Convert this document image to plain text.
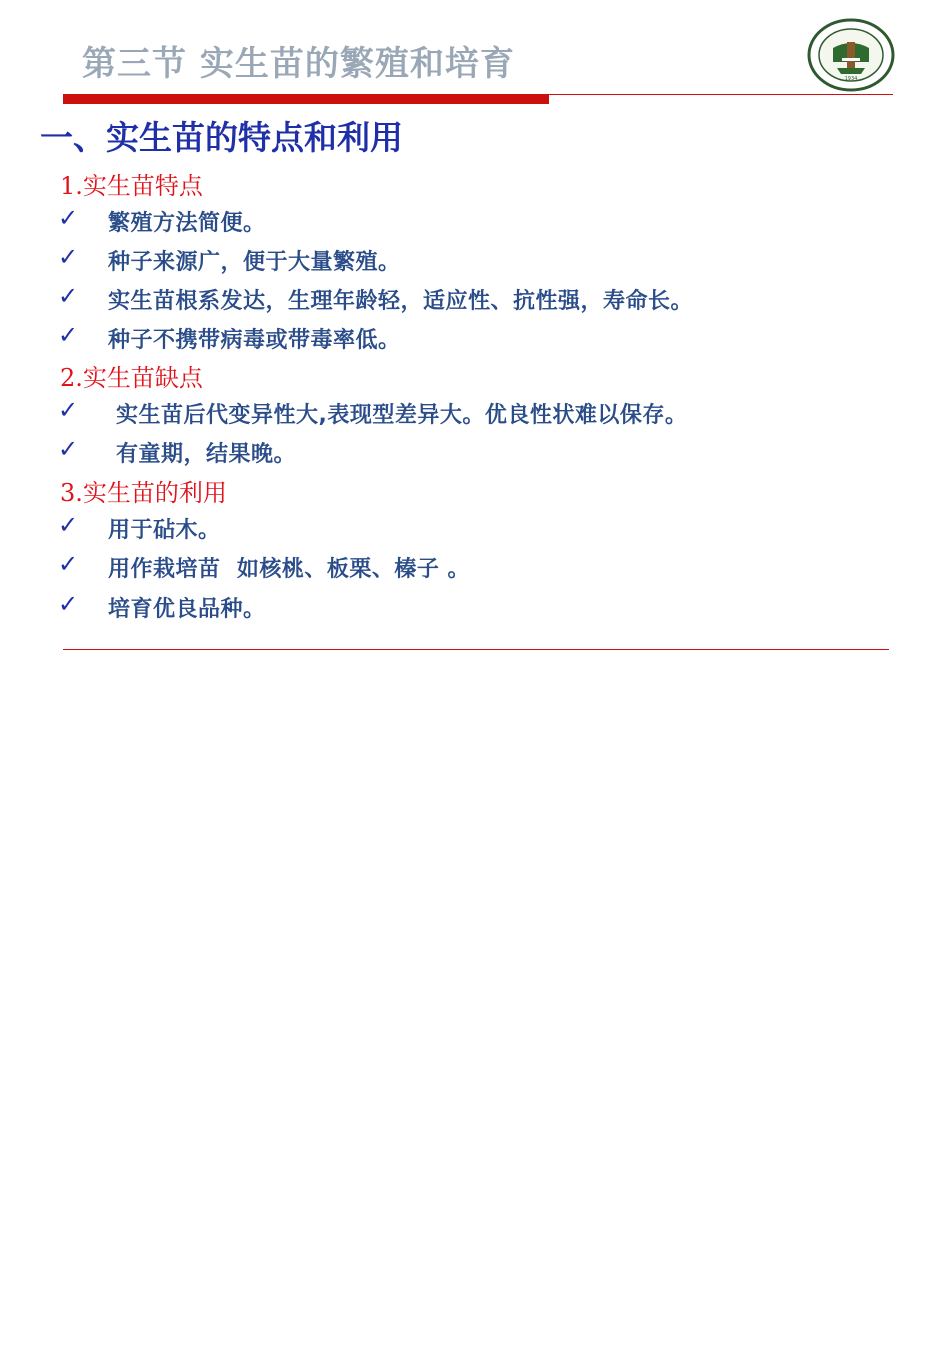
第三节 实生苗的繁殖和培育	1934
一、实生苗的特点和利用
1.实生苗特点
✓ 繁殖方法简便。
✓ 种子来源广，便于大量繁殖。
✓ 实生苗根系发达，生理年龄轻，适应性、抗性强，寿命长。
✓ 种子不携带病毒或带毒率低。
2.实生苗缺点
✓ 实生苗后代变异性大,表现型差异大。优良性状难以保存。
✓ 有童期，结果晚。
3.实生苗的利用
✓ 用于砧木。
✓ 用作栽培苗  如核桃、板栗、榛子 。
✓ 培育优良品种。
